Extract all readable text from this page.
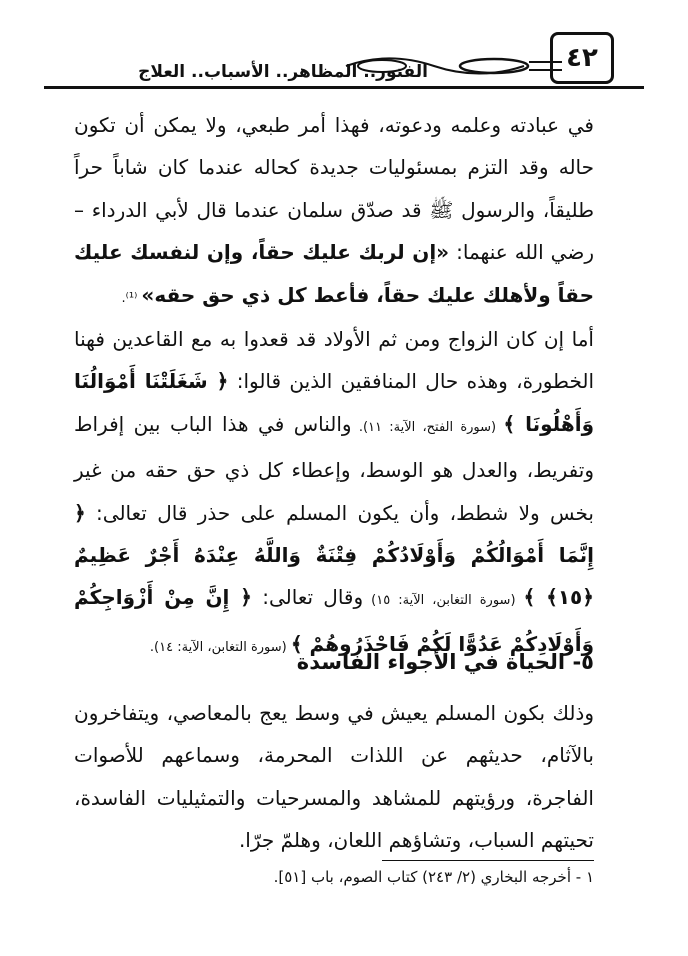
٤٢
الفتور.. المظاهر.. الأسباب.. العلاج
في عبادته وعلمه ودعوته، فهذا أمر طبعي، ولا يمكن أن تكون حاله وقد التزم بمسئوليات جديدة كحاله عندما كان شاباً حراً طليقاً، والرسول ﷺ قد صدّق سلمان عندما قال لأبي الدرداء – رضي الله عنهما: «إن لربك عليك حقاً، وإن لنفسك عليك حقاً ولأهلك عليك حقاً، فأعط كل ذي حق حقه» ⁽¹⁾.
أما إن كان الزواج ومن ثم الأولاد قد قعدوا به مع القاعدين فهنا الخطورة، وهذه حال المنافقين الذين قالوا: ﴿ شَغَلَتْنَا أَمْوَالُنَا وَأَهْلُونَا ﴾ (سورة الفتح، الآية: ١١). والناس في هذا الباب بين إفراط وتفريط، والعدل هو الوسط، وإعطاء كل ذي حق حقه من غير بخس ولا شطط، وأن يكون المسلم على حذر قال تعالى: ﴿ إِنَّمَا أَمْوَالُكُمْ وَأَوْلَادُكُمْ فِتْنَةٌ وَاللَّهُ عِنْدَهُ أَجْرٌ عَظِيمٌ ﴿١٥﴾ ﴾ (سورة التغابن، الآية: ١٥) وقال تعالى: ﴿ إِنَّ مِنْ أَزْوَاجِكُمْ وَأَوْلَادِكُمْ عَدُوًّا لَكُمْ فَاحْذَرُوهُمْ ﴾ (سورة التغابن، الآية: ١٤).
٥- الحياة في الأجواء الفاسدة
وذلك بكون المسلم يعيش في وسط يعج بالمعاصي، ويتفاخرون بالآثام، حديثهم عن اللذات المحرمة، وسماعهم للأصوات الفاجرة، ورؤيتهم للمشاهد والمسرحيات والتمثيليات الفاسدة، تحيتهم السباب، وتشاؤهم اللعان، وهلمّ جرّا.
١ - أخرجه البخاري (٢/ ٢٤٣) كتاب الصوم، باب [٥١].
